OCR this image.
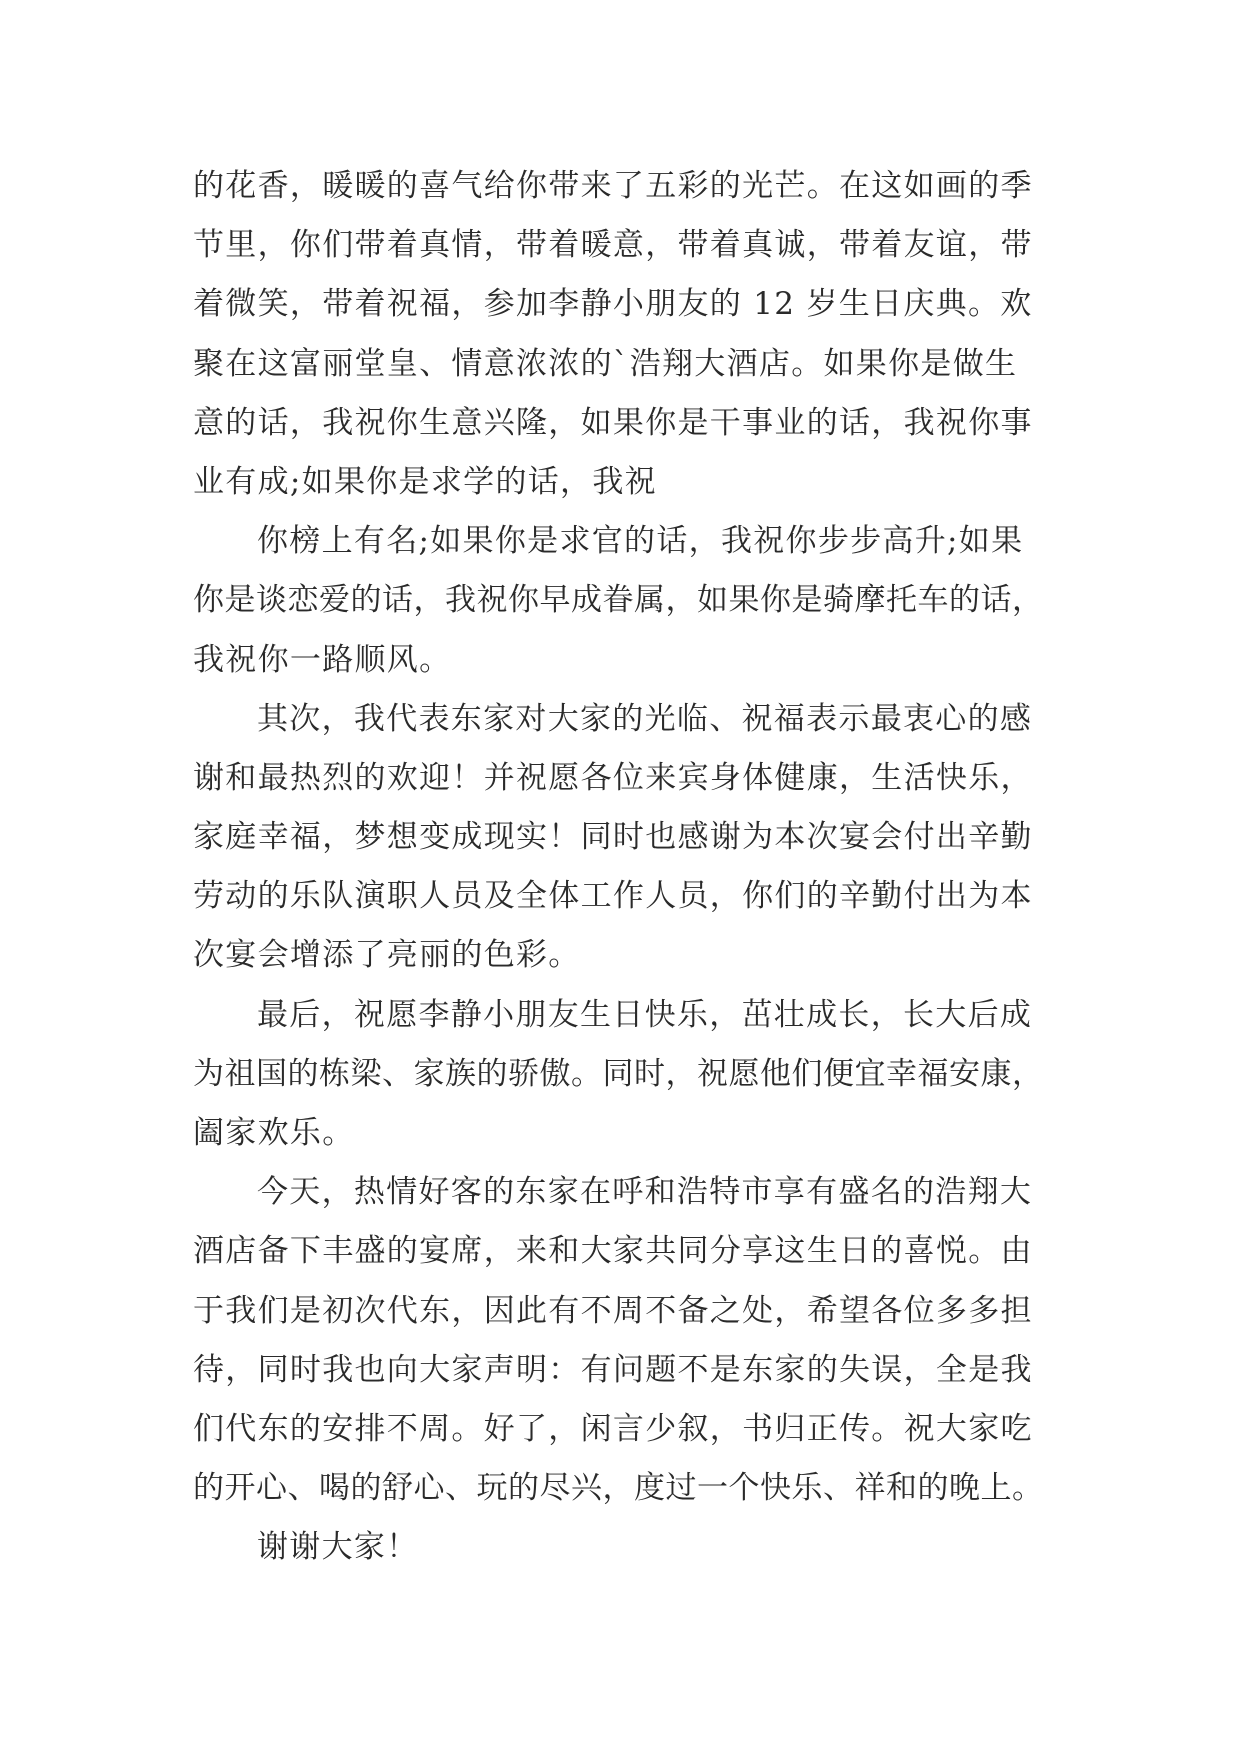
的花香，暖暖的喜气给你带来了五彩的光芒。在这如画的季
节里，你们带着真情，带着暖意，带着真诚，带着友谊，带
着微笑，带着祝福，参加李静小朋友的 12 岁生日庆典。欢
聚在这富丽堂皇、情意浓浓的`浩翔大酒店。如果你是做生
意的话，我祝你生意兴隆，如果你是干事业的话，我祝你事
业有成;如果你是求学的话，我祝
你榜上有名;如果你是求官的话，我祝你步步高升;如果
你是谈恋爱的话，我祝你早成眷属，如果你是骑摩托车的话，
我祝你一路顺风。
其次，我代表东家对大家的光临、祝福表示最衷心的感
谢和最热烈的欢迎！并祝愿各位来宾身体健康，生活快乐，
家庭幸福，梦想变成现实！同时也感谢为本次宴会付出辛勤
劳动的乐队演职人员及全体工作人员，你们的辛勤付出为本
次宴会增添了亮丽的色彩。
最后，祝愿李静小朋友生日快乐，茁壮成长，长大后成
为祖国的栋梁、家族的骄傲。同时，祝愿他们便宜幸福安康，
阖家欢乐。
今天，热情好客的东家在呼和浩特市享有盛名的浩翔大
酒店备下丰盛的宴席，来和大家共同分享这生日的喜悦。由
于我们是初次代东，因此有不周不备之处，希望各位多多担
待，同时我也向大家声明：有问题不是东家的失误，全是我
们代东的安排不周。好了，闲言少叙，书归正传。祝大家吃
的开心、喝的舒心、玩的尽兴，度过一个快乐、祥和的晚上。
谢谢大家！
